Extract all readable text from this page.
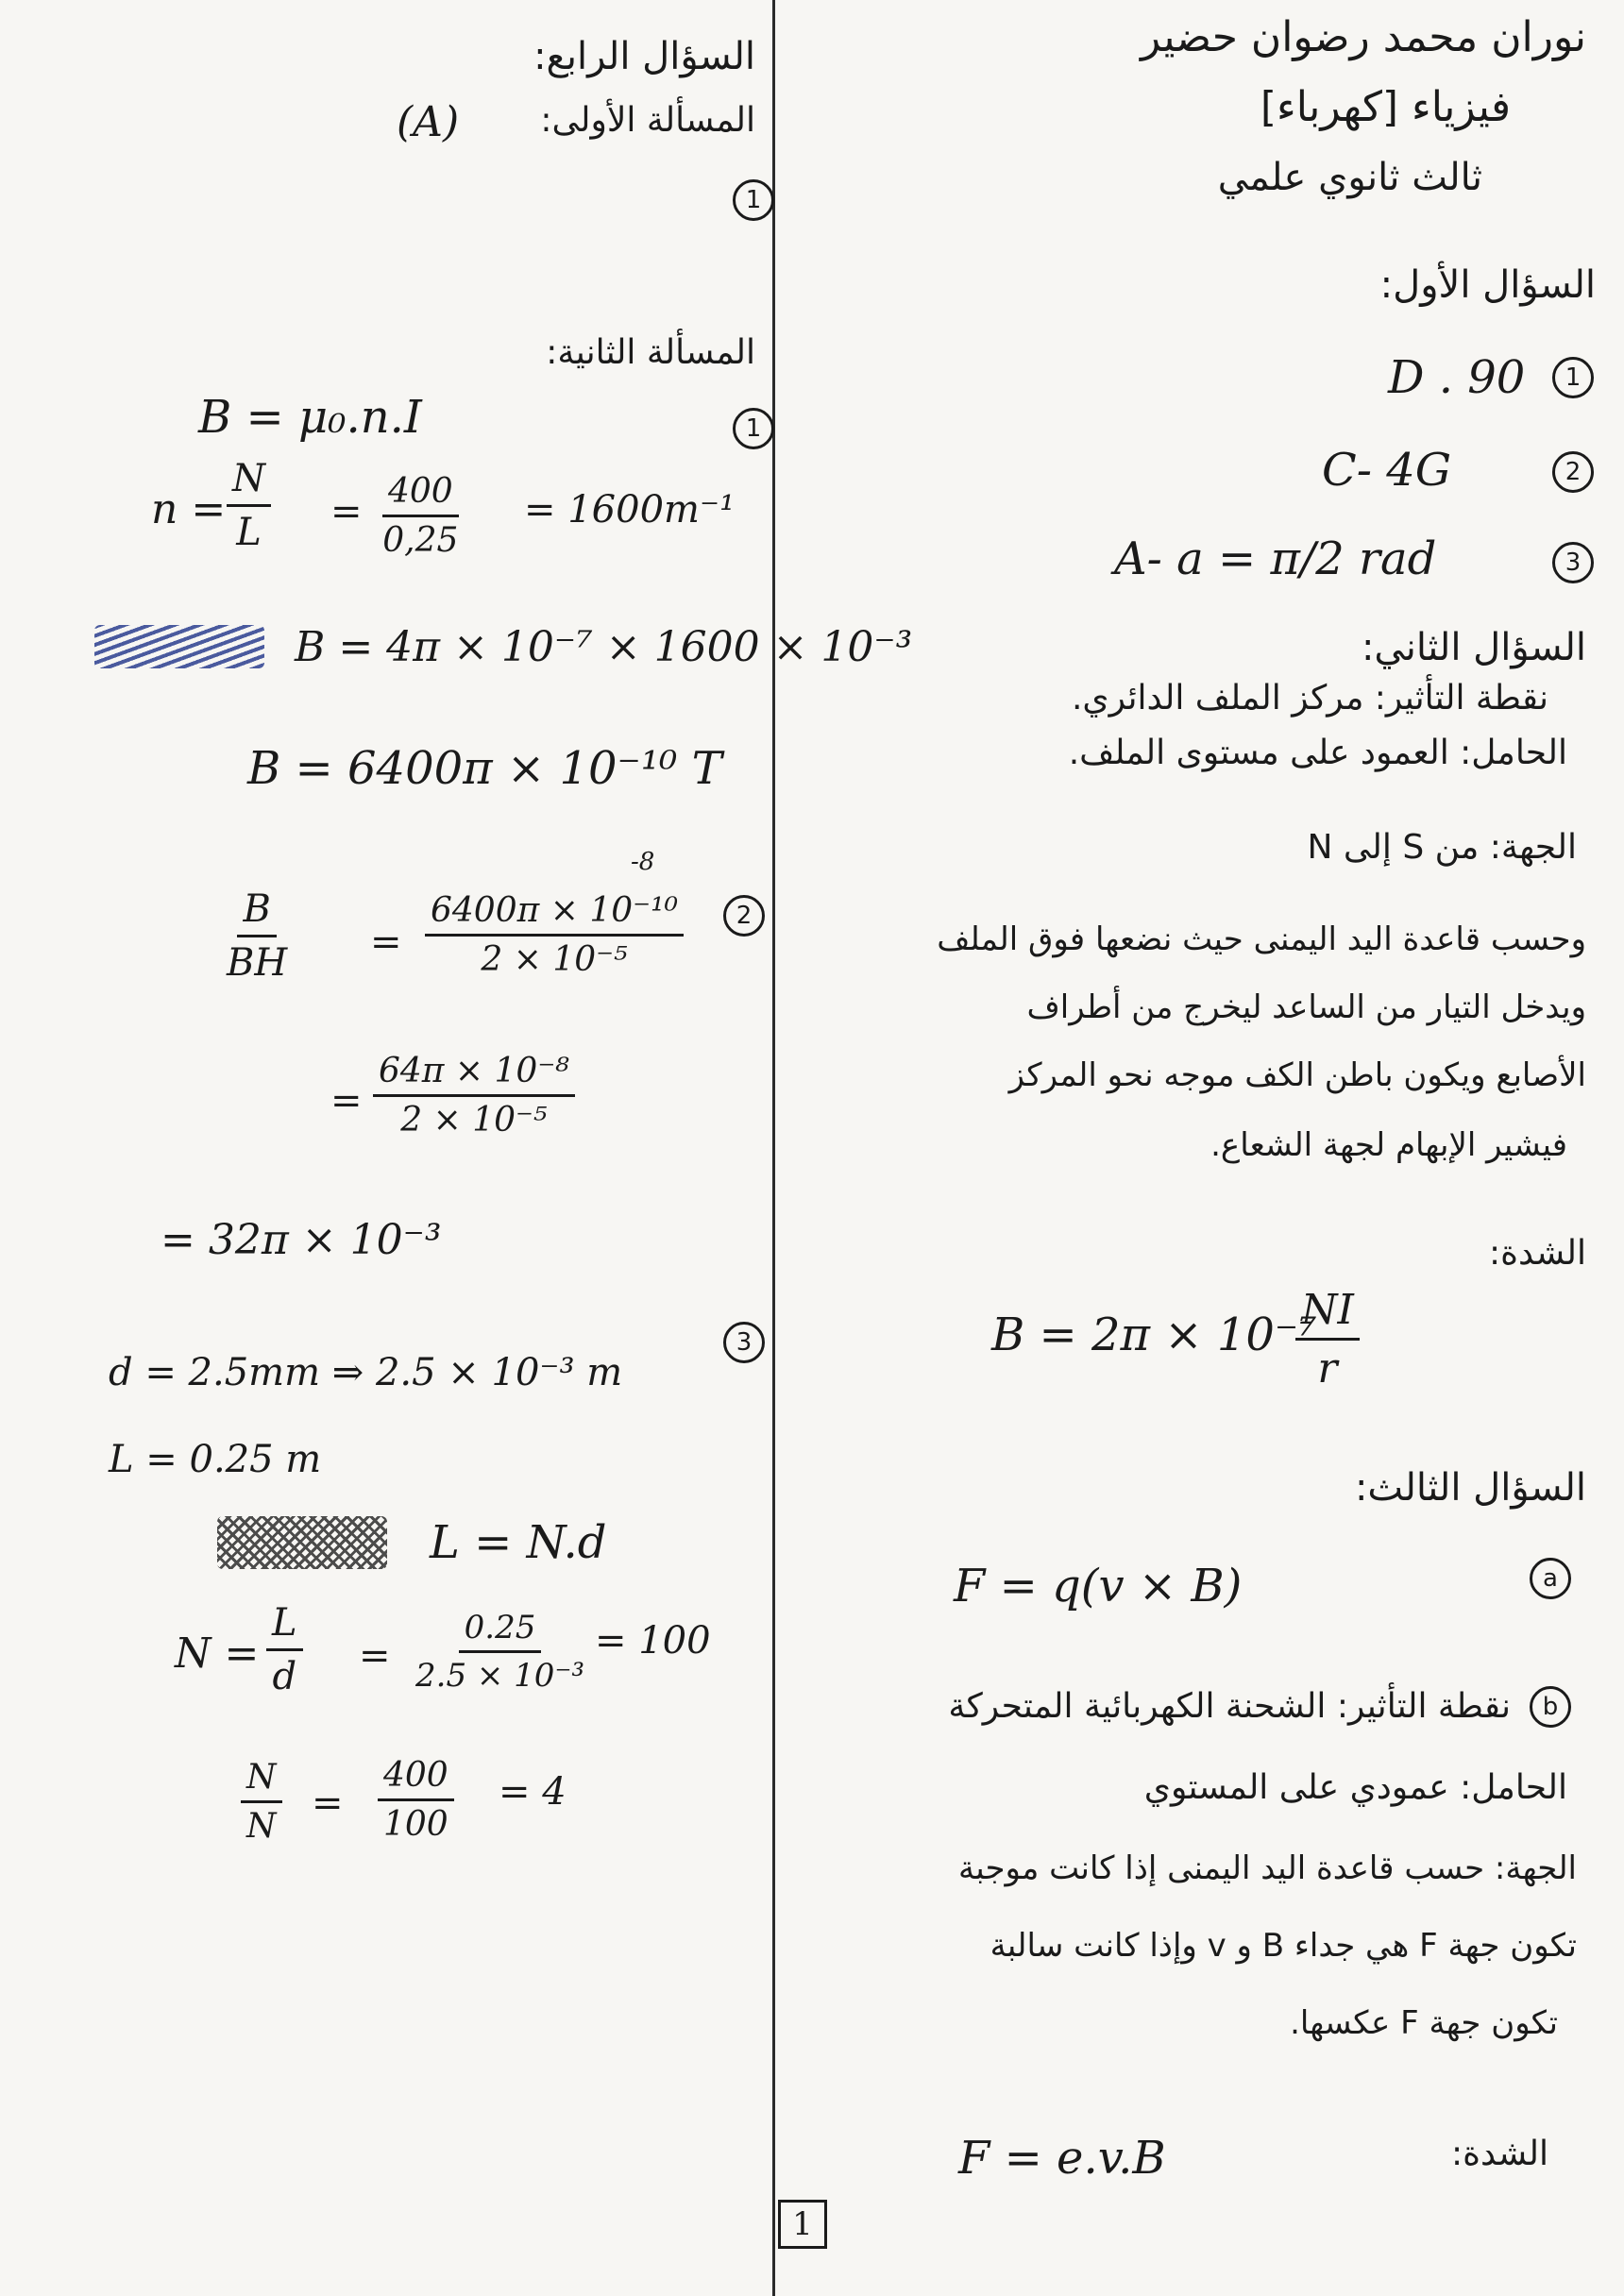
نوران محمد رضوان حضير
فيزياء [كهرباء]
ثالث ثانوي علمي
السؤال الأول:
1
D . 90
2
C- 4G
3
A- a = π/2 rad
السؤال الثاني:
نقطة التأثير: مركز الملف الدائري.
الحامل: العمود على مستوى الملف.
الجهة: من S إلى N
وحسب قاعدة اليد اليمنى حيث نضعها فوق الملف
ويدخل التيار من الساعد ليخرج من أطراف
الأصابع ويكون باطن الكف موجه نحو المركز
فيشير الإبهام لجهة الشعاع.
الشدة:
B = 2π × 10⁻⁷
$\frac{NI}{r}$
السؤال الثالث:
a
F = q(v × B)
b
نقطة التأثير: الشحنة الكهربائية المتحركة
الحامل: عمودي على المستوي
الجهة: حسب قاعدة اليد اليمنى إذا كانت موجبة
تكون جهة F هي جداء B و v وإذا كانت سالبة
تكون جهة F عكسها.
الشدة:
F = e.v.B
السؤال الرابع:
المسألة الأولى:
(A)
1
المسألة الثانية:
1
B = μ₀.n.I
$n = \frac{N}{L} = \frac{400}{0,25} = 1600m^{-1}$
B = 4π × 10⁻⁷ × 1600 × 10⁻³
B = 6400π × 10⁻¹⁰ T
2
$\frac{B}{BH}$ =
-8
$\frac{\text{6400π × 10⁻¹⁰}}{\text{2 × 10⁻⁵}}$
= $\frac{\text{64π × 10⁻⁸}}{\text{2 × 10⁻⁵}}$
= 32π × 10⁻³
3
d = 2.5mm ⇒ 2.5 × 10⁻³ m
L = 0.25 m
L = N.d
$N = \frac{L}{d} = \frac{0.25}{\text{2.5 × 10⁻³}} = 100$
$\frac{N}{N} = \frac{400}{100} = 4$
1
